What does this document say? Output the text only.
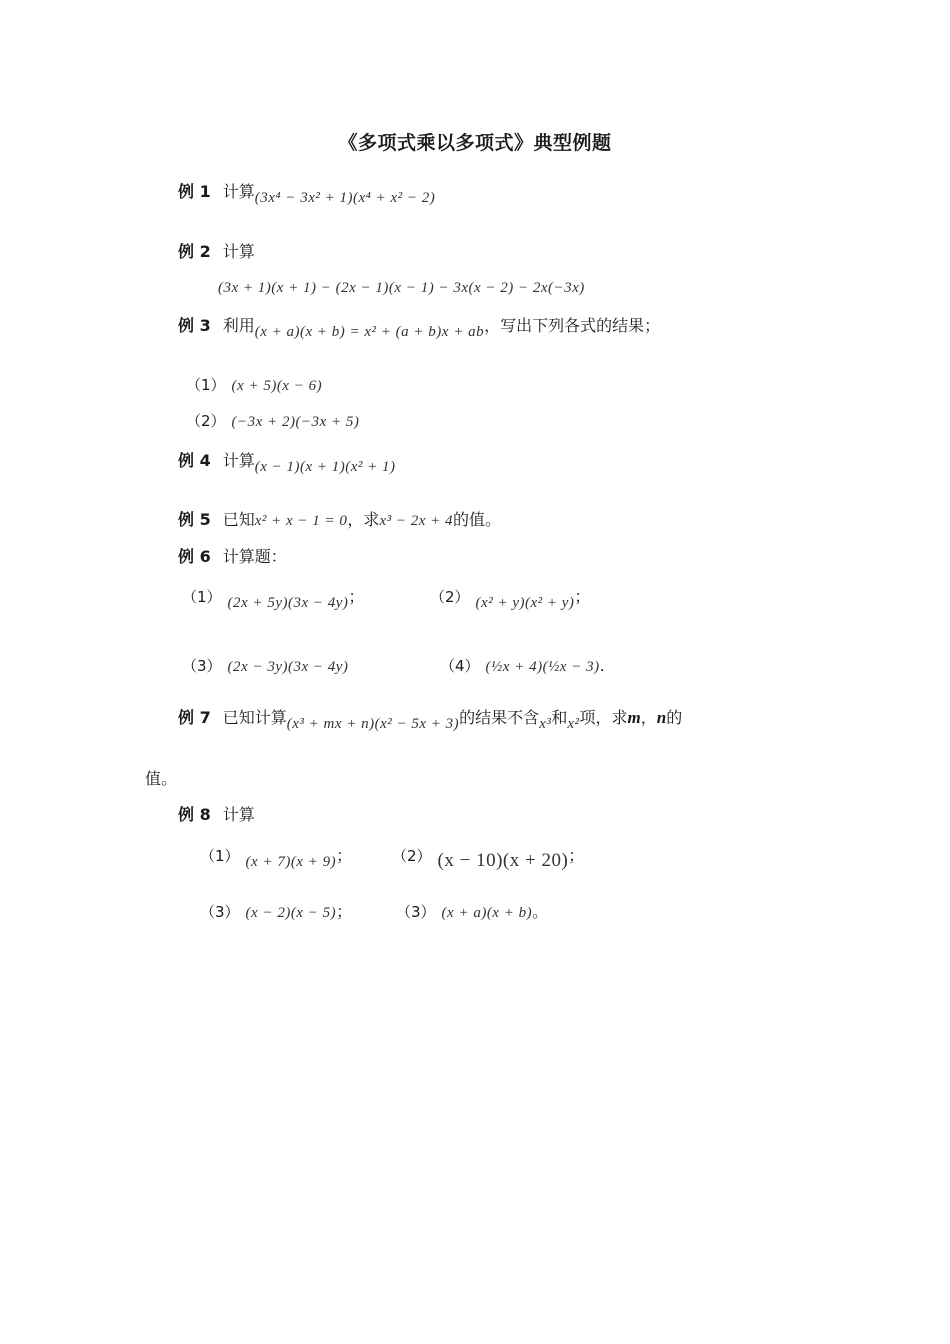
《多项式乘以多项式》典型例题
例 1 计算(3x⁴ − 3x² + 1)(x⁴ + x² − 2)
例 2 计算
(3x + 1)(x + 1) − (2x − 1)(x − 1) − 3x(x − 2) − 2x(−3x)
例 3 利用(x + a)(x + b) = x² + (a + b)x + ab，写出下列各式的结果；
（1） (x + 5)(x − 6)
（2） (−3x + 2)(−3x + 5)
例 4 计算(x − 1)(x + 1)(x² + 1)
例 5 已知x² + x − 1 = 0，求x³ − 2x + 4的值。
例 6 计算题：
（1） (2x + 5y)(3x − 4y)；	（2） (x² + y)(x² + y)；
（3） (2x − 3y)(3x − 4y)	（4） (½x + 4)(½x − 3).
例 7 已知计算(x³ + mx + n)(x² − 5x + 3)的结果不含x³和x²项，求m，n的
值。
例 8 计算
（1） (x + 7)(x + 9)；	（2） (x − 10)(x + 20)；
（3） (x − 2)(x − 5)；	（3） (x + a)(x + b)。
